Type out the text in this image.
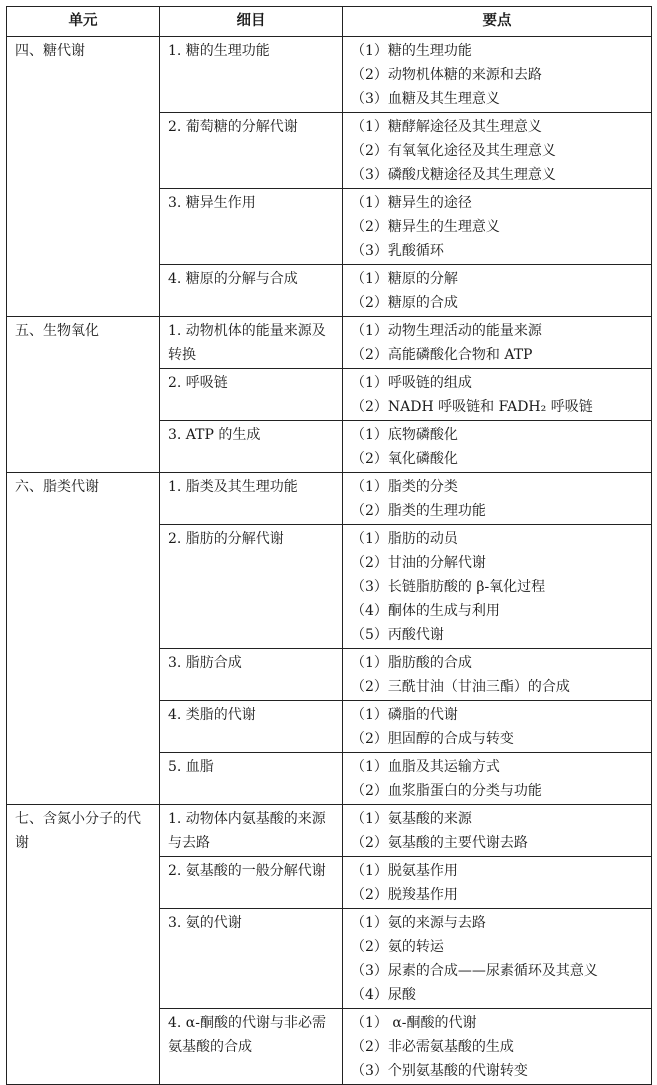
单元	细目	要点

四、糖代谢	1. 糖的生理功能	（1）糖的生理功能
（2）动物机体糖的来源和去路
（3）血糖及其生理意义

	2. 葡萄糖的分解代谢	（1）糖酵解途径及其生理意义
（2）有氧氧化途径及其生理意义
（3）磷酸戊糖途径及其生理意义

	3. 糖异生作用	（1）糖异生的途径
（2）糖异生的生理意义
（3）乳酸循环

	4. 糖原的分解与合成	（1）糖原的分解
（2）糖原的合成

五、生物氧化	1. 动物机体的能量来源及转换	（1）动物生理活动的能量来源
（2）高能磷酸化合物和 ATP

	2. 呼吸链	（1）呼吸链的组成
（2）NADH 呼吸链和 FADH₂ 呼吸链

	3. ATP 的生成	（1）底物磷酸化
（2）氧化磷酸化

六、脂类代谢	1. 脂类及其生理功能	（1）脂类的分类
（2）脂类的生理功能

	2. 脂肪的分解代谢	（1）脂肪的动员
（2）甘油的分解代谢
（3）长链脂肪酸的 β-氧化过程
（4）酮体的生成与利用
（5）丙酸代谢

	3. 脂肪合成	（1）脂肪酸的合成
（2）三酰甘油（甘油三酯）的合成

	4. 类脂的代谢	（1）磷脂的代谢
（2）胆固醇的合成与转变

	5. 血脂	（1）血脂及其运输方式
（2）血浆脂蛋白的分类与功能

七、含氮小分子的代谢	1. 动物体内氨基酸的来源与去路	（1）氨基酸的来源
（2）氨基酸的主要代谢去路

	2. 氨基酸的一般分解代谢	（1）脱氨基作用
（2）脱羧基作用

	3. 氨的代谢	（1）氨的来源与去路
（2）氨的转运
（3）尿素的合成——尿素循环及其意义
（4）尿酸

	4. α-酮酸的代谢与非必需氨基酸的合成	（1） α-酮酸的代谢
（2）非必需氨基酸的生成
（3）个别氨基酸的代谢转变
